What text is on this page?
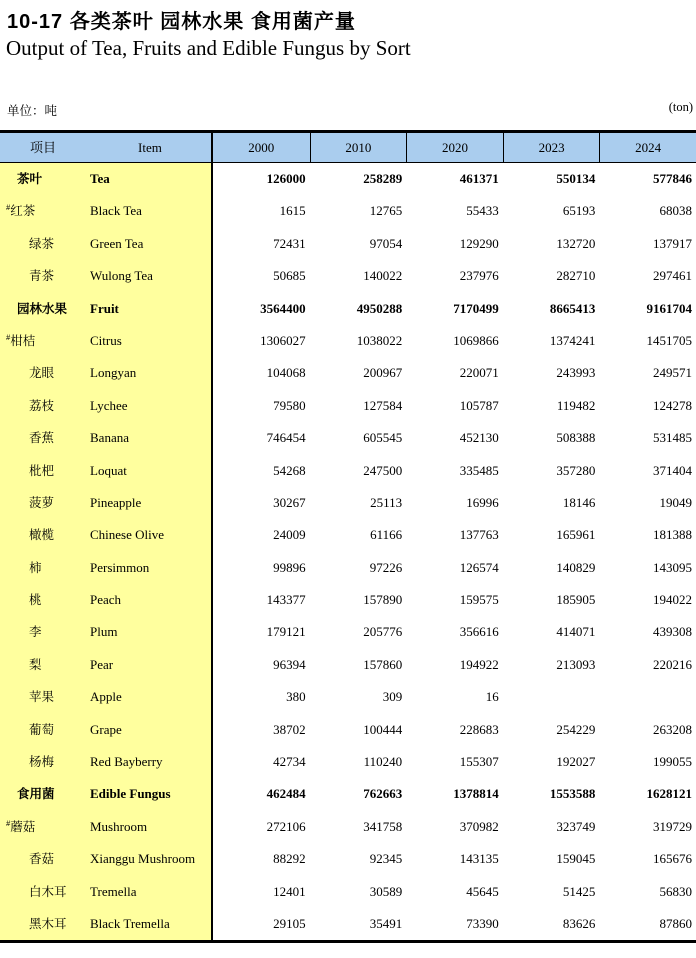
10-17 各类茶叶 园林水果 食用菌产量
Output of Tea, Fruits and Edible Fungus by Sort
单位：吨	(ton)
项目	Item	2000	2010	2020	2023	2024
茶叶	Tea	126000	258289	461371	550134	577846
#红茶	Black Tea	1615	12765	55433	65193	68038
绿茶	Green Tea	72431	97054	129290	132720	137917
青茶	Wulong Tea	50685	140022	237976	282710	297461
园林水果	Fruit	3564400	4950288	7170499	8665413	9161704
#柑桔	Citrus	1306027	1038022	1069866	1374241	1451705
龙眼	Longyan	104068	200967	220071	243993	249571
荔枝	Lychee	79580	127584	105787	119482	124278
香蕉	Banana	746454	605545	452130	508388	531485
枇杷	Loquat	54268	247500	335485	357280	371404
菠萝	Pineapple	30267	25113	16996	18146	19049
橄榄	Chinese Olive	24009	61166	137763	165961	181388
柿	Persimmon	99896	97226	126574	140829	143095
桃	Peach	143377	157890	159575	185905	194022
李	Plum	179121	205776	356616	414071	439308
梨	Pear	96394	157860	194922	213093	220216
苹果	Apple	380	309	16
葡萄	Grape	38702	100444	228683	254229	263208
杨梅	Red Bayberry	42734	110240	155307	192027	199055
食用菌	Edible Fungus	462484	762663	1378814	1553588	1628121
#蘑菇	Mushroom	272106	341758	370982	323749	319729
香菇	Xianggu Mushroom	88292	92345	143135	159045	165676
白木耳	Tremella	12401	30589	45645	51425	56830
黑木耳	Black Tremella	29105	35491	73390	83626	87860
